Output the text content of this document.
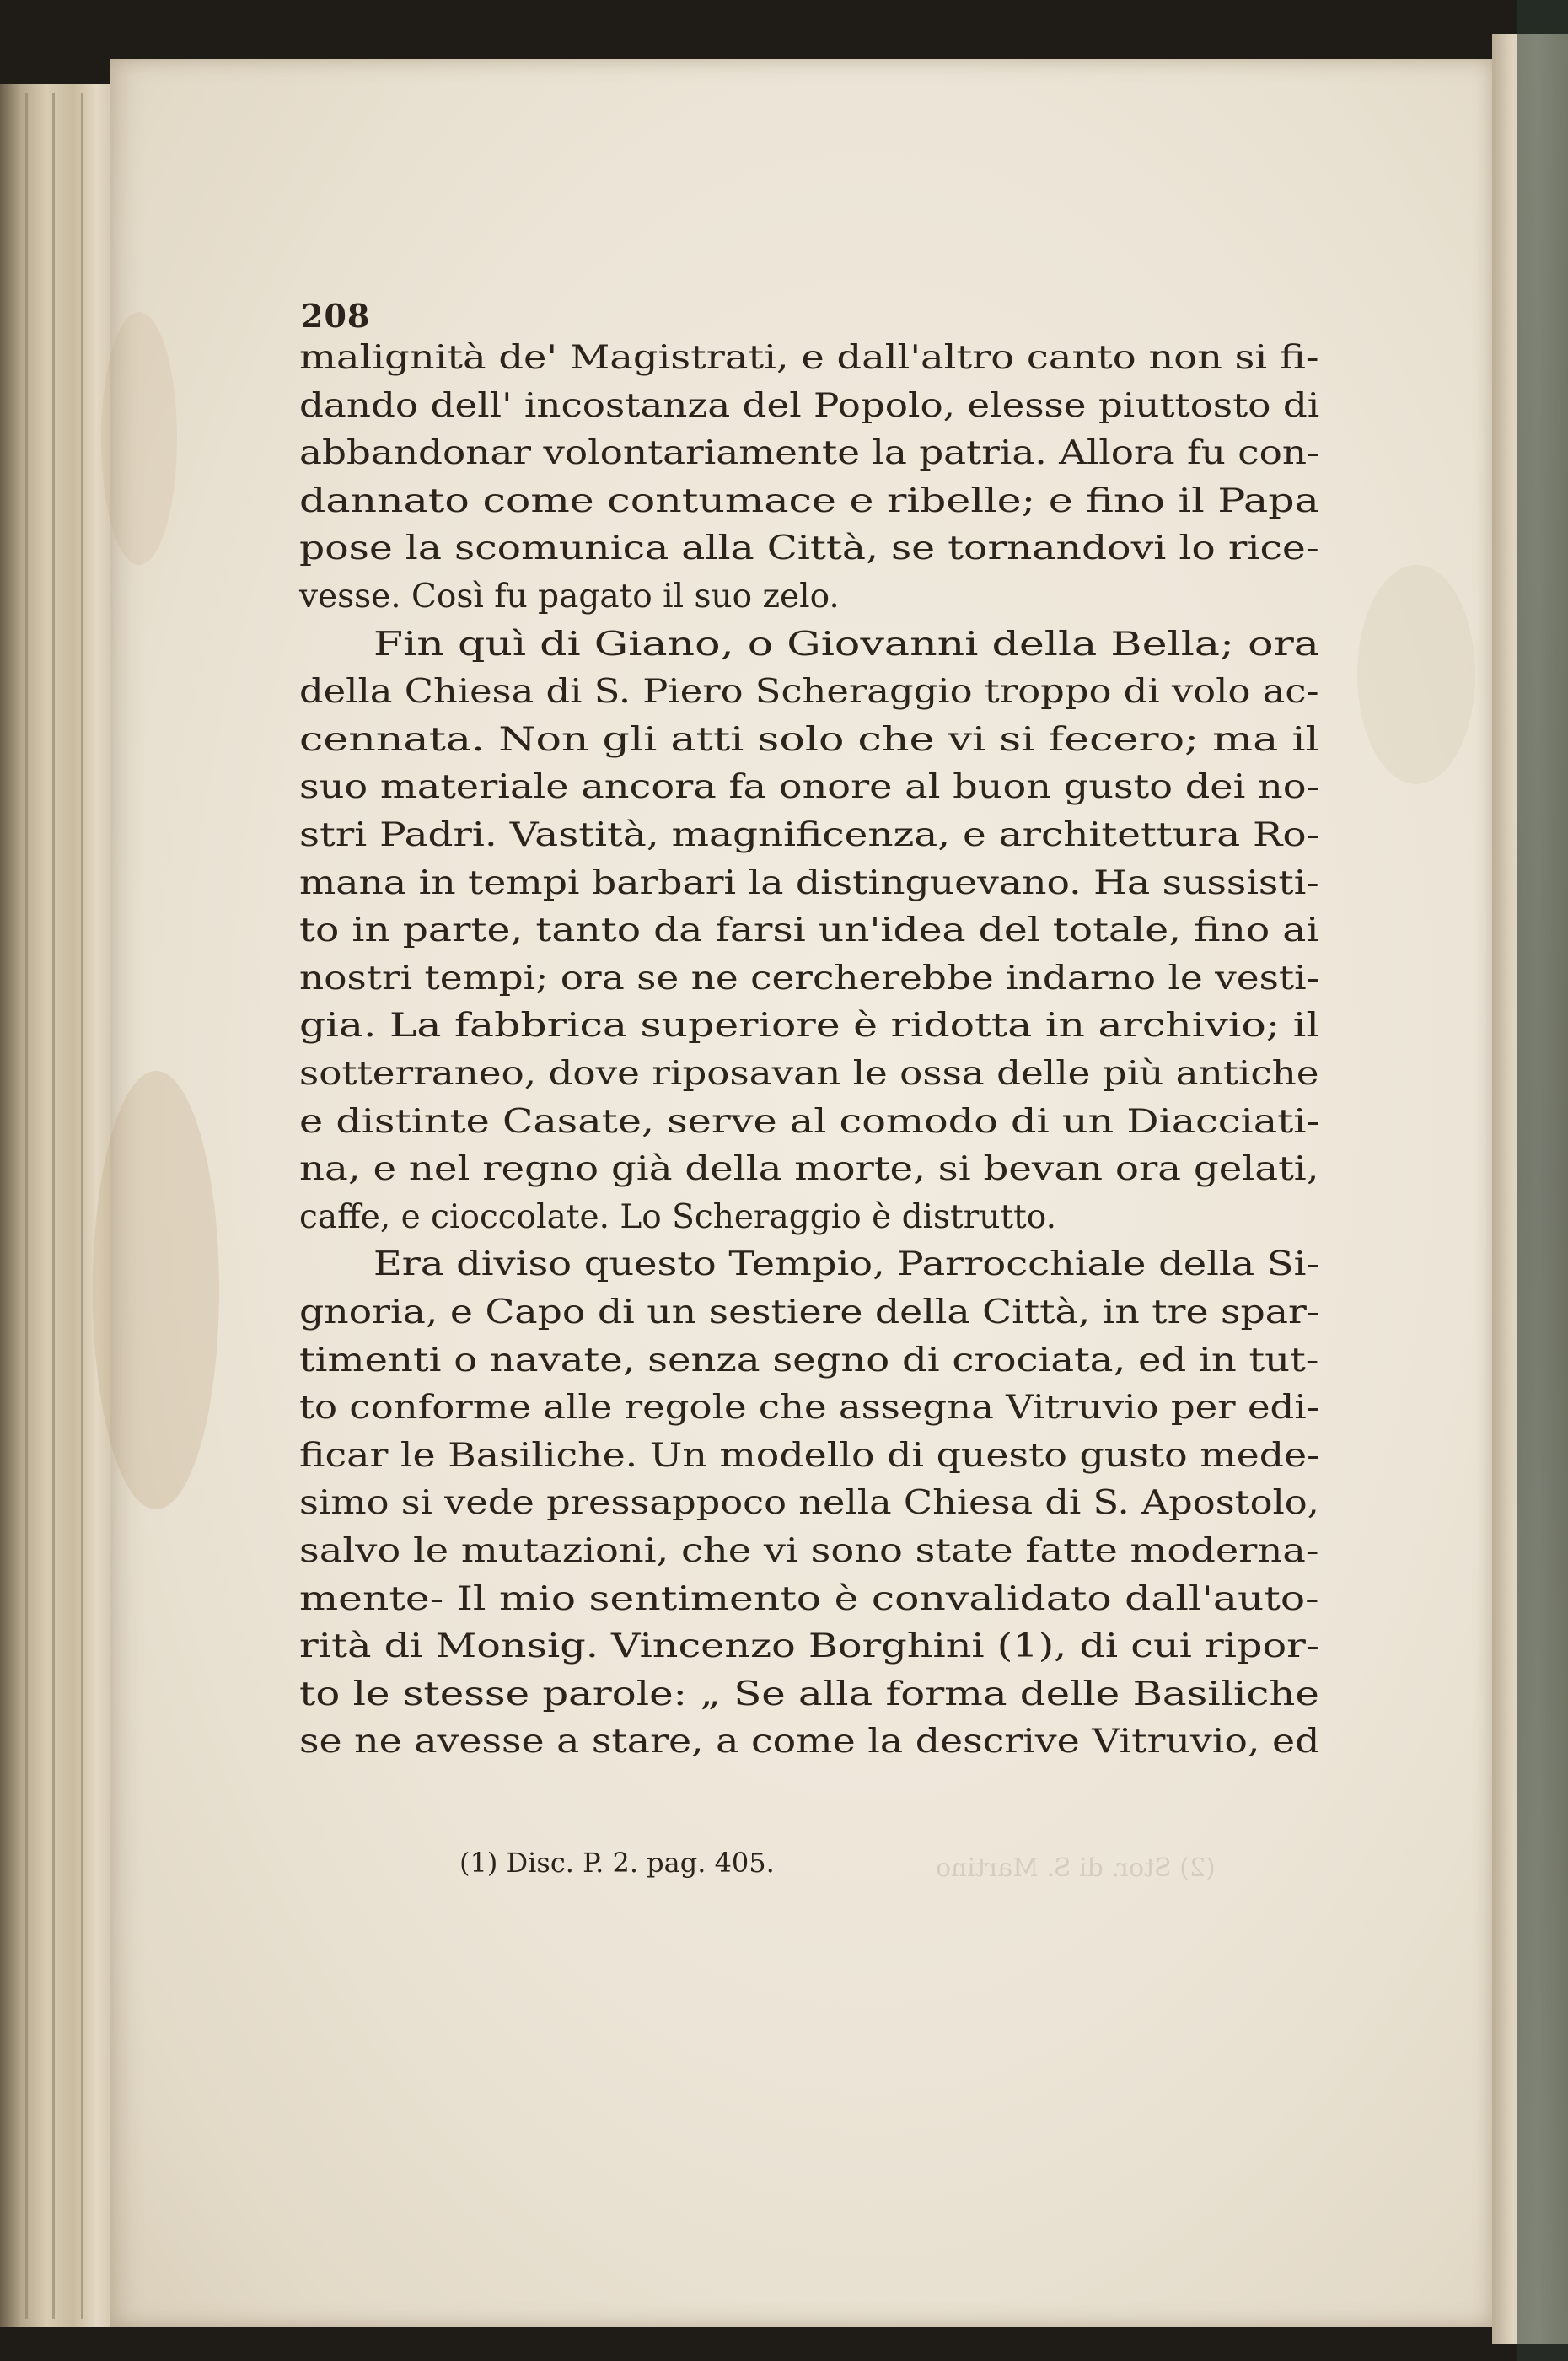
208
malignità de' Magistrati, e dall'altro canto non si fi-
dando dell' incostanza del Popolo, elesse piuttosto di
abbandonar volontariamente la patria. Allora fu con-
dannato come contumace e ribelle; e fino il Papa
pose la scomunica alla Città, se tornandovi lo rice-
vesse. Così fu pagato il suo zelo.
Fin quì di Giano, o Giovanni della Bella; ora
della Chiesa di S. Piero Scheraggio troppo di volo ac-
cennata. Non gli atti solo che vi si fecero; ma il
suo materiale ancora fa onore al buon gusto dei no-
stri Padri. Vastità, magnificenza, e architettura Ro-
mana in tempi barbari la distinguevano. Ha sussisti-
to in parte, tanto da farsi un'idea del totale, fino ai
nostri tempi; ora se ne cercherebbe indarno le vesti-
gia. La fabbrica superiore è ridotta in archivio; il
sotterraneo, dove riposavan le ossa delle più antiche
e distinte Casate, serve al comodo di un Diacciati-
na, e nel regno già della morte, si bevan ora gelati,
caffe, e cioccolate. Lo Scheraggio è distrutto.
Era diviso questo Tempio, Parrocchiale della Si-
gnoria, e Capo di un sestiere della Città, in tre spar-
timenti o navate, senza segno di crociata, ed in tut-
to conforme alle regole che assegna Vitruvio per edi-
ficar le Basiliche. Un modello di questo gusto mede-
simo si vede pressappoco nella Chiesa di S. Apostolo,
salvo le mutazioni, che vi sono state fatte moderna-
mente- Il mio sentimento è convalidato dall'auto-
rità di Monsig. Vincenzo Borghini (1), di cui ripor-
to le stesse parole: „ Se alla forma delle Basiliche
se ne avesse a stare, a come la descrive Vitruvio, ed
(1) Disc. P. 2. pag. 405.	(2) Stor. di S. Martino
